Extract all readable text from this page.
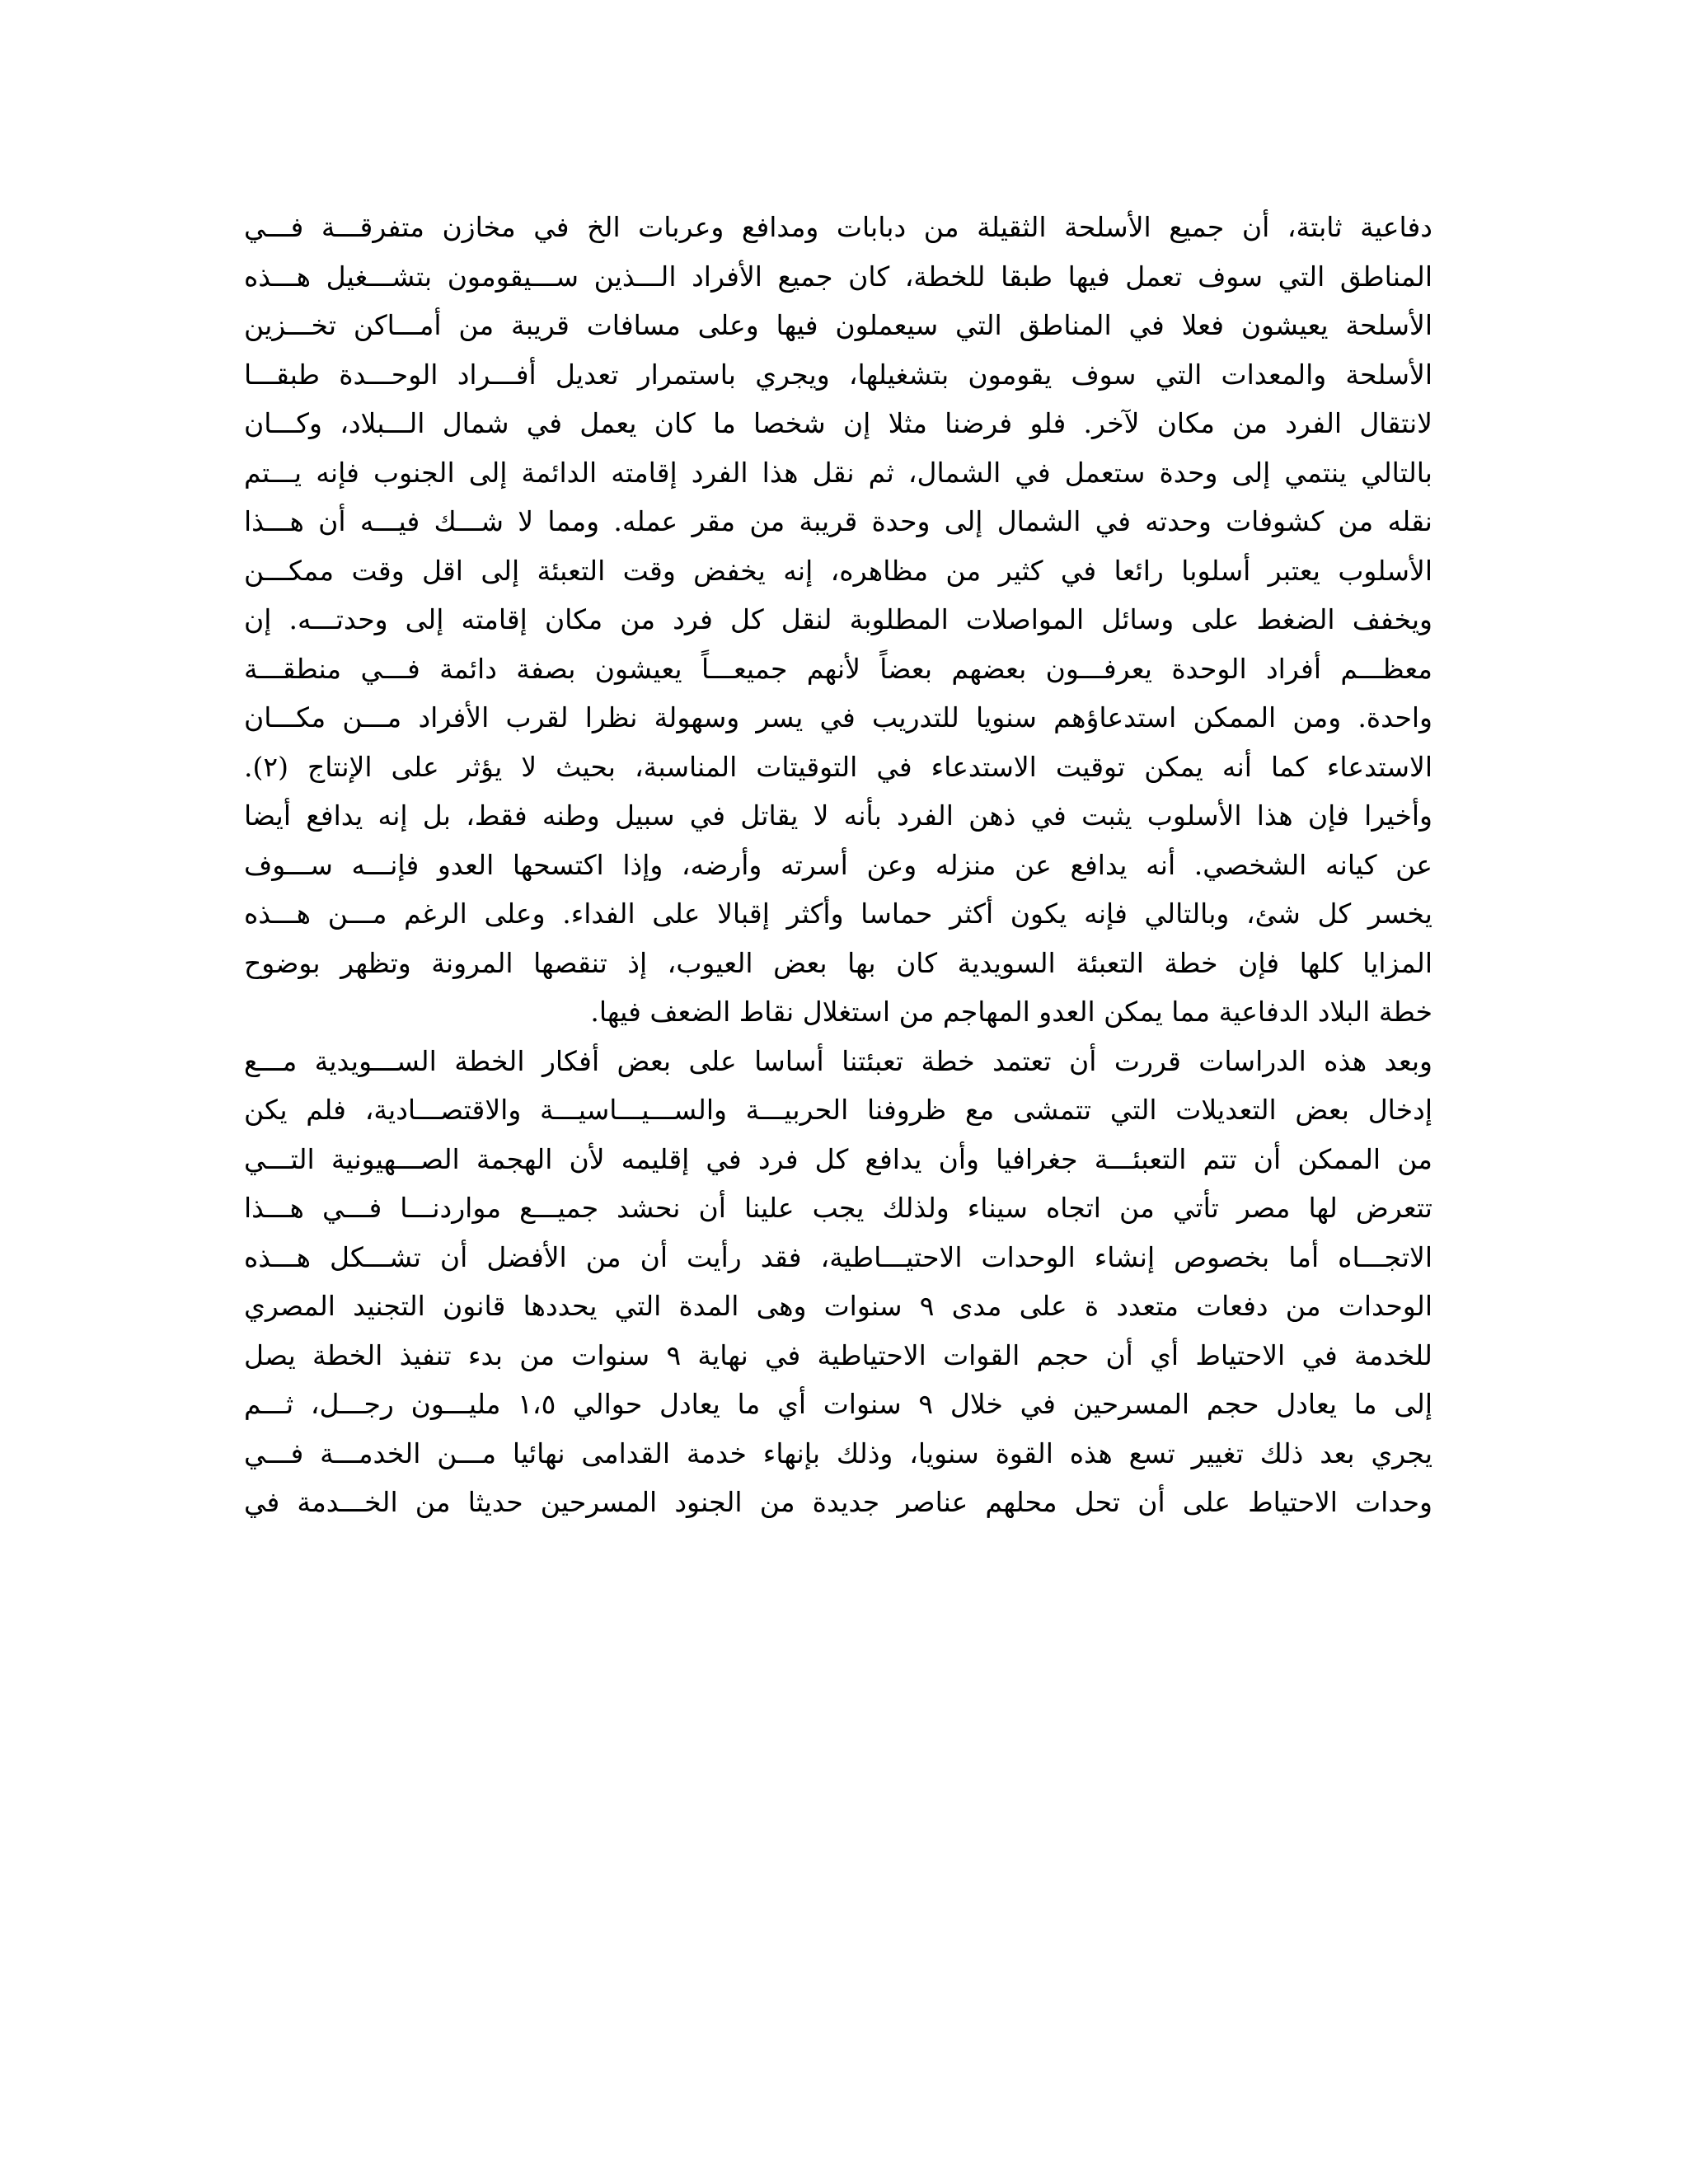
دفاعية ثابتة، أن جميع الأسلحة الثقيلة من دبابات ومدافع وعربات الخ في مخازن متفرقـــة فـــي
المناطق التي سوف تعمل فيها طبقا للخطة، كان جميع الأفراد الـــذين ســـيقومون بتشـــغيل هـــذه
الأسلحة يعيشون فعلا في المناطق التي سيعملون فيها وعلى مسافات قريبة من أمـــاكن تخـــزين
الأسلحة والمعدات التي سوف يقومون بتشغيلها، ويجري باستمرار تعديل أفـــراد الوحـــدة طبقـــا
لانتقال الفرد من مكان لآخر. فلو فرضنا مثلا إن شخصا ما كان يعمل في شمال الـــبلاد، وكـــان
بالتالي ينتمي إلى وحدة ستعمل في الشمال، ثم نقل هذا الفرد إقامته الدائمة إلى الجنوب فإنه يـــتم
نقله من كشوفات وحدته في الشمال إلى وحدة قريبة من مقر عمله. ومما لا شـــك فيـــه أن هـــذا
الأسلوب يعتبر أسلوبا رائعا في كثير من مظاهره، إنه يخفض وقت التعبئة إلى اقل وقت ممكـــن
ويخفف الضغط على وسائل المواصلات المطلوبة لنقل كل فرد من مكان إقامته إلى وحدتـــه. إن
معظـــم أفراد الوحدة يعرفـــون بعضهم بعضاً لأنهم جميعـــاً يعيشون بصفة دائمة فـــي منطقـــة
واحدة. ومن الممكن استدعاؤهم سنويا للتدريب في يسر وسهولة نظرا لقرب الأفراد مـــن مكـــان
الاستدعاء كما أنه يمكن توقيت الاستدعاء في التوقيتات المناسبة، بحيث لا يؤثر على الإنتاج (٢).
وأخيرا فإن هذا الأسلوب يثبت في ذهن الفرد بأنه لا يقاتل في سبيل وطنه فقط، بل إنه يدافع أيضا
عن كيانه الشخصي. أنه يدافع عن منزله وعن أسرته وأرضه، وإذا اكتسحها العدو فإنـــه ســـوف
يخسر كل شئ، وبالتالي فإنه يكون أكثر حماسا وأكثر إقبالا على الفداء. وعلى الرغم مـــن هـــذه
المزايا كلها فإن خطة التعبئة السويدية كان بها بعض العيوب، إذ تنقصها المرونة وتظهر بوضوح
خطة البلاد الدفاعية مما يمكن العدو المهاجم من استغلال نقاط الضعف فيها.
وبعد هذه الدراسات قررت أن تعتمد خطة تعبئتنا أساسا على بعض أفكار الخطة الســـويدية مـــع
إدخال بعض التعديلات التي تتمشى مع ظروفنا الحربيـــة والســـيـــاسيـــة والاقتصـــادية، فلم يكن
من الممكن أن تتم التعبئـــة جغرافيا وأن يدافع كل فرد في إقليمه لأن الهجمة الصـــهيونية التـــي
تتعرض لها مصر تأتي من اتجاه سيناء ولذلك يجب علينا أن نحشد جميـــع مواردنـــا فـــي هـــذا
الاتجـــاه أما بخصوص إنشاء الوحدات الاحتيـــاطية، فقد رأيت أن من الأفضل أن تشـــكل هـــذه
الوحدات من دفعات متعدد ة على مدى ٩ سنوات وهى المدة التي يحددها قانون التجنيد المصري
للخدمة في الاحتياط أي أن حجم القوات الاحتياطية في نهاية ٩ سنوات من بدء تنفيذ الخطة يصل
إلى ما يعادل حجم المسرحين في خلال ٩ سنوات أي ما يعادل حوالي ١،٥ مليـــون رجـــل، ثـــم
يجري بعد ذلك تغيير تسع هذه القوة سنويا، وذلك بإنهاء خدمة القدامى نهائيا مـــن الخدمـــة فـــي
وحدات الاحتياط على أن تحل محلهم عناصر جديدة من الجنود المسرحين حديثا من الخـــدمة في
